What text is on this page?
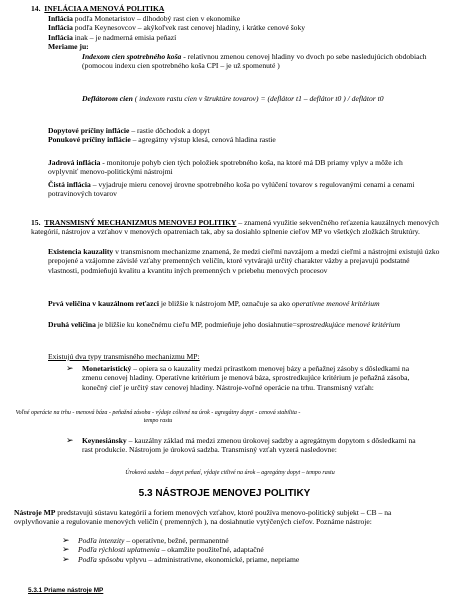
14. INFLÁCIA A MENOVÁ POLITIKA
Inflácia podľa Monetaristov – dlhodobý rast cien v ekonomike
Inflácia podľa Keynesovcov – akýkoľvek rast cenovej hladiny, i krátke cenové šoky
Inflácia inak – je nadmerná emisia peňazí
Meriame ju:
Indexom cien spotrebného koša - relatívnou zmenou cenovej hladiny vo dvoch po sebe nasledujúcich obdobiach (pomocou indexu cien spotrebného koša CPI – je už spomenuté )
Deflátorom cien ( indexom rastu cien v štruktúre tovarov) = (deflátor t1 – deflátor t0 ) / deflátor t0
Dopytové príčiny inflácie – rastie dôchodok a dopyt
Ponukové príčiny inflácie – agregátny výstup klesá, cenová hladina rastie
Jadrová inflácia - monitoruje pohyb cien tých položiek spotrebného koša, na ktoré má DB priamy vplyv a môže ich ovplyvniť menovo-politickými nástrojmi
Čistá inflácia – vyjadruje mieru cenovej úrovne spotrebného koša po vylúčení tovarov s regulovanými cenami a cenami potravinových tovarov
15. TRANSMISNÝ MECHANIZMUS MENOVEJ POLITIKY – znamená využitie sekvenčného reťazenia kauzálnych menových kategórií, nástrojov a vzťahov v menových opatreniach tak, aby sa dosiahlo splnenie cieľov MP vo všetkých zložkách štruktúry.
Existencia kauzality v transmisnom mechanizme znamená, že medzi cieľmi navzájom a medzi cieľmi a nástrojmi existujú úzko prepojené a vzájomne závislé vzťahy premenných veličín, ktoré vytvárajú určitý charakter väzby a prejavujú podstatné vlastnosti, podmieňujú kvalitu a kvantitu iných premenných v priebehu menových procesov
Prvá veličina v kauzálnom reťazci je bližšie k nástrojom MP, označuje sa ako operatívne menové kritérium
Druhá veličina je bližšie ku konečnému cieľu MP, podmieňuje jeho dosiahnutie=sprostredkujúce menové kritérium
Existujú dva typy transmisného mechanizmu MP:
➢ Monetaristický – opiera sa o kauzality medzi prírastkom menovej bázy a peňažnej zásoby s dôsledkami na zmenu cenovej hladiny. Operatívne kritérium je menová báza, sprostredkujúce kritérium je peňažná zásoba, konečný cieľ je určitý stav cenovej hladiny. Nástroje-voľné operácie na trhu. Transmisný vzťah:
Voľné operácie na trhu - menová báza - peňažná zásoba - výdaje cólivné na úrok - agregátny dopyt - cenová stabilita - tempo rastu
➢ Keynesiánsky – kauzálny základ má medzi zmenou úrokovej sadzby a agregátnym dopytom s dôsledkami na rast produkcie. Nástrojom je úroková sadzba. Transmisný vzťah vyzerá nasledovne:
Úroková sadzba – dopyt peňazí, výdaje citlivé na úrok – agregátny dopyt – tempo rastu
5.3 NÁSTROJE MENOVEJ POLITIKY
Nástroje MP predstavujú sústavu kategórií a foriem menových vzťahov, ktoré používa menovo-politický subjekt – CB – na ovplyvňovanie a regulovanie menových veličín ( premenných ), na dosiahnutie vytýčených cieľov. Poznáme nástroje:
➢ Podľa intenzity – operatívne, bežné, permanentné
➢ Podľa rýchlosti uplatnenia – okamžite použiteľné, adaptačné
➢ Podľa spôsobu vplyvu – administratívne, ekonomické, priame, nepriame
5.3.1 Priame nástroje MP
